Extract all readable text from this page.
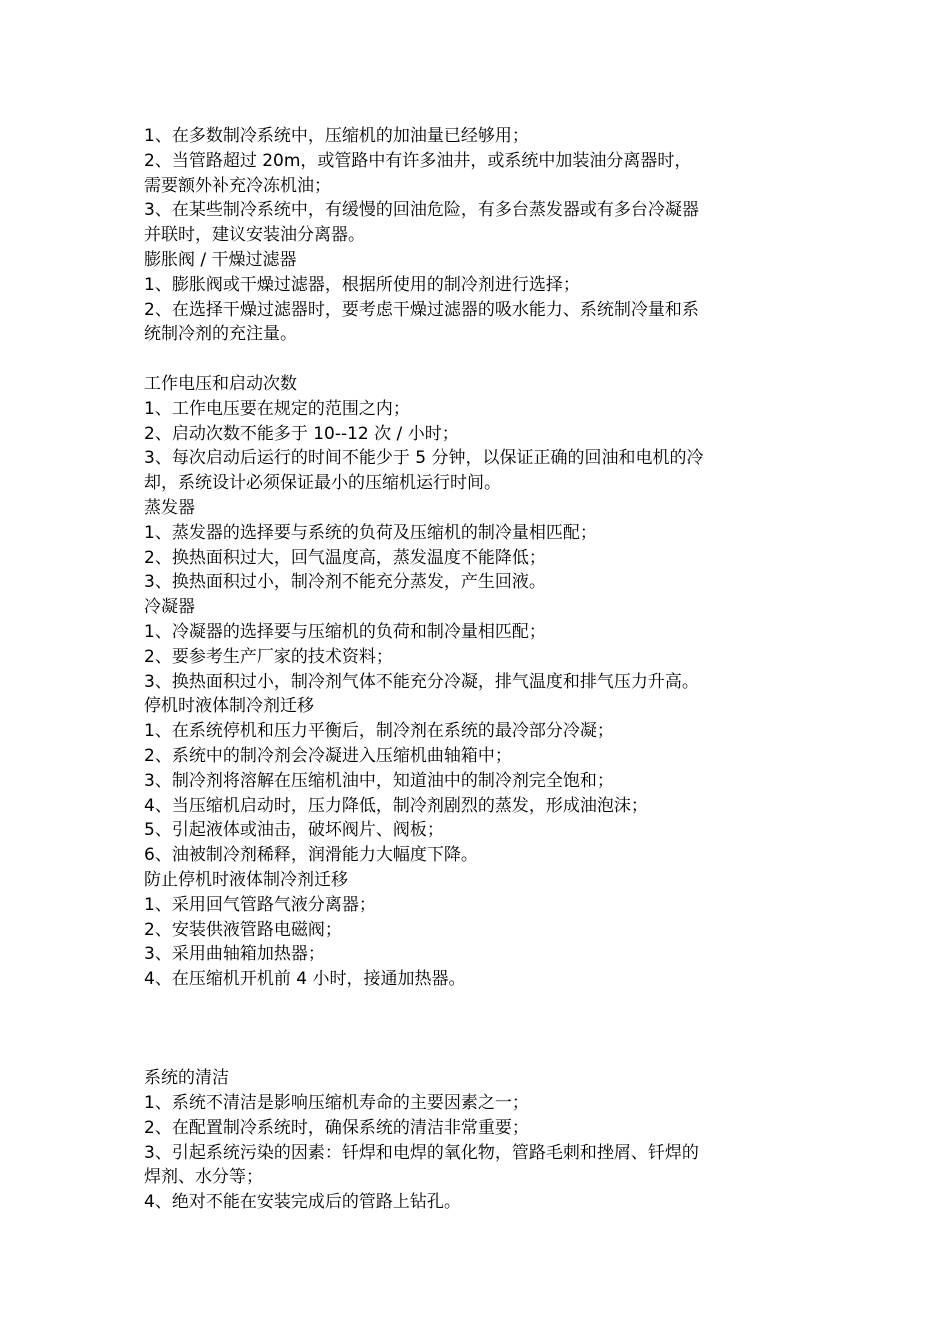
1、在多数制冷系统中，压缩机的加油量已经够用；
2、当管路超过 20m，或管路中有许多油井，或系统中加装油分离器时，
需要额外补充冷冻机油；
3、在某些制冷系统中，有缓慢的回油危险，有多台蒸发器或有多台冷凝器
并联时，建议安装油分离器。
膨胀阀 / 干燥过滤器
1、膨胀阀或干燥过滤器，根据所使用的制冷剂进行选择；
2、在选择干燥过滤器时，要考虑干燥过滤器的吸水能力、系统制冷量和系
统制冷剂的充注量。
工作电压和启动次数
1、工作电压要在规定的范围之内；
2、启动次数不能多于 10--12 次 / 小时；
3、每次启动后运行的时间不能少于 5 分钟，以保证正确的回油和电机的冷
却，系统设计必须保证最小的压缩机运行时间。
蒸发器
1、蒸发器的选择要与系统的负荷及压缩机的制冷量相匹配；
2、换热面积过大，回气温度高，蒸发温度不能降低；
3、换热面积过小，制冷剂不能充分蒸发，产生回液。
冷凝器
1、冷凝器的选择要与压缩机的负荷和制冷量相匹配；
2、要参考生产厂家的技术资料；
3、换热面积过小，制冷剂气体不能充分冷凝，排气温度和排气压力升高。
停机时液体制冷剂迁移
1、在系统停机和压力平衡后，制冷剂在系统的最冷部分冷凝；
2、系统中的制冷剂会冷凝进入压缩机曲轴箱中；
3、制冷剂将溶解在压缩机油中，知道油中的制冷剂完全饱和；
4、当压缩机启动时，压力降低，制冷剂剧烈的蒸发，形成油泡沫；
5、引起液体或油击，破坏阀片、阀板；
6、油被制冷剂稀释，润滑能力大幅度下降。
防止停机时液体制冷剂迁移
1、采用回气管路气液分离器；
2、安装供液管路电磁阀；
3、采用曲轴箱加热器；
4、在压缩机开机前 4 小时，接通加热器。
系统的清洁
1、系统不清洁是影响压缩机寿命的主要因素之一；
2、在配置制冷系统时，确保系统的清洁非常重要；
3、引起系统污染的因素：钎焊和电焊的氧化物，管路毛刺和挫屑、钎焊的
焊剂、水分等；
4、绝对不能在安装完成后的管路上钻孔。
